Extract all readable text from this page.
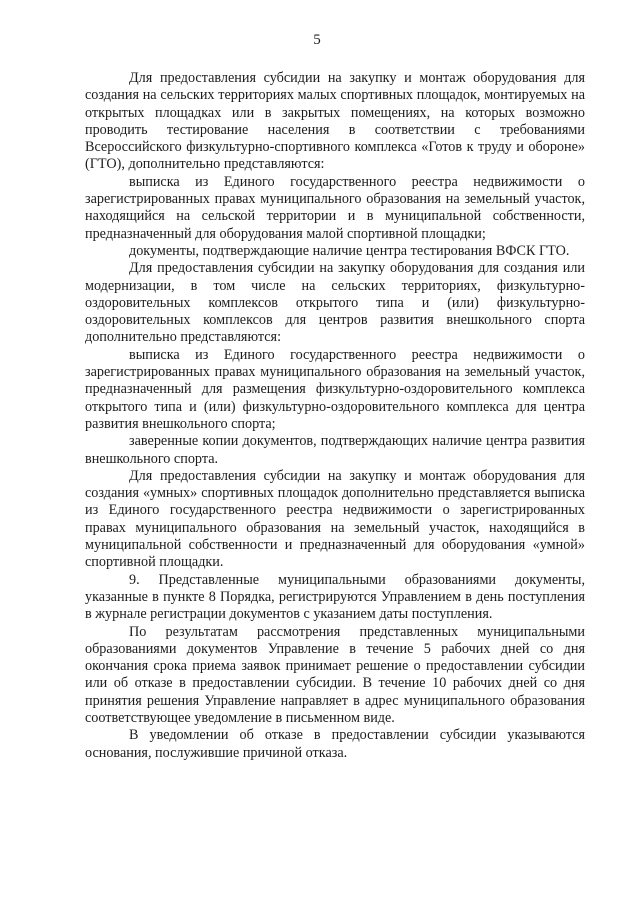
5

Для предоставления субсидии на закупку и монтаж оборудования для создания на сельских территориях малых спортивных площадок, монтируемых на открытых площадках или в закрытых помещениях, на которых возможно проводить тестирование населения в соответствии с требованиями Всероссийского физкультурно-спортивного комплекса «Готов к труду и обороне» (ГТО), дополнительно представляются:

выписка из Единого государственного реестра недвижимости о зарегистрированных правах муниципального образования на земельный участок, находящийся на сельской территории и в муниципальной собственности, предназначенный для оборудования малой спортивной площадки;

документы, подтверждающие наличие центра тестирования ВФСК ГТО.

Для предоставления субсидии на закупку оборудования для создания или модернизации, в том числе на сельских территориях, физкультурно-оздоровительных комплексов открытого типа и (или) физкультурно-оздоровительных комплексов для центров развития внешкольного спорта дополнительно представляются:

выписка из Единого государственного реестра недвижимости о зарегистрированных правах муниципального образования на земельный участок, предназначенный для размещения физкультурно-оздоровительного комплекса открытого типа и (или) физкультурно-оздоровительного комплекса для центра развития внешкольного спорта;

заверенные копии документов, подтверждающих наличие центра развития внешкольного спорта.

Для предоставления субсидии на закупку и монтаж оборудования для создания «умных» спортивных площадок дополнительно представляется выписка из Единого государственного реестра недвижимости о зарегистрированных правах муниципального образования на земельный участок, находящийся в муниципальной собственности и предназначенный для оборудования «умной» спортивной площадки.

9. Представленные муниципальными образованиями документы, указанные в пункте 8 Порядка, регистрируются Управлением в день поступления в журнале регистрации документов с указанием даты поступления.

По результатам рассмотрения представленных муниципальными образованиями документов Управление в течение 5 рабочих дней со дня окончания срока приема заявок принимает решение о предоставлении субсидии или об отказе в предоставлении субсидии. В течение 10 рабочих дней со дня принятия решения Управление направляет в адрес муниципального образования соответствующее уведомление в письменном виде.

В уведомлении об отказе в предоставлении субсидии указываются основания, послужившие причиной отказа.
